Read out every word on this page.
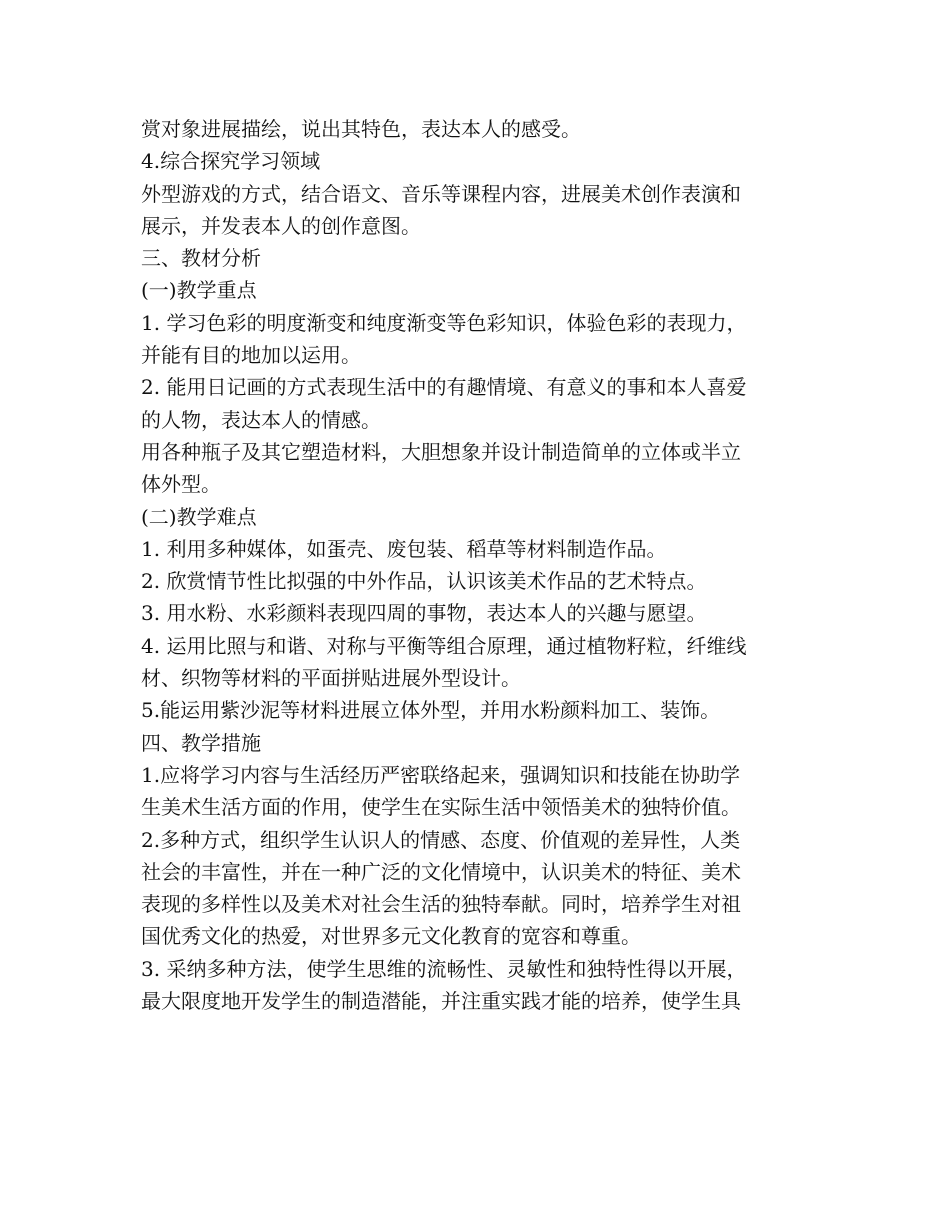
赏对象进展描绘，说出其特色，表达本人的感受。
4.综合探究学习领域
外型游戏的方式，结合语文、音乐等课程内容，进展美术创作表演和
展示，并发表本人的创作意图。
三、教材分析
(一)教学重点
1. 学习色彩的明度渐变和纯度渐变等色彩知识，体验色彩的表现力，
并能有目的地加以运用。
2. 能用日记画的方式表现生活中的有趣情境、有意义的事和本人喜爱
的人物，表达本人的情感。
用各种瓶子及其它塑造材料，大胆想象并设计制造简单的立体或半立
体外型。
(二)教学难点
1. 利用多种媒体，如蛋壳、废包装、稻草等材料制造作品。
2. 欣赏情节性比拟强的中外作品，认识该美术作品的艺术特点。
3. 用水粉、水彩颜料表现四周的事物，表达本人的兴趣与愿望。
4. 运用比照与和谐、对称与平衡等组合原理，通过植物籽粒，纤维线
材、织物等材料的平面拼贴进展外型设计。
5.能运用紫沙泥等材料进展立体外型，并用水粉颜料加工、装饰。
四、教学措施
1.应将学习内容与生活经历严密联络起来，强调知识和技能在协助学
生美术生活方面的作用，使学生在实际生活中领悟美术的独特价值。
2.多种方式，组织学生认识人的情感、态度、价值观的差异性，人类
社会的丰富性，并在一种广泛的文化情境中，认识美术的特征、美术
表现的多样性以及美术对社会生活的独特奉献。同时，培养学生对祖
国优秀文化的热爱，对世界多元文化教育的宽容和尊重。
3. 采纳多种方法，使学生思维的流畅性、灵敏性和独特性得以开展，
最大限度地开发学生的制造潜能，并注重实践才能的培养，使学生具
